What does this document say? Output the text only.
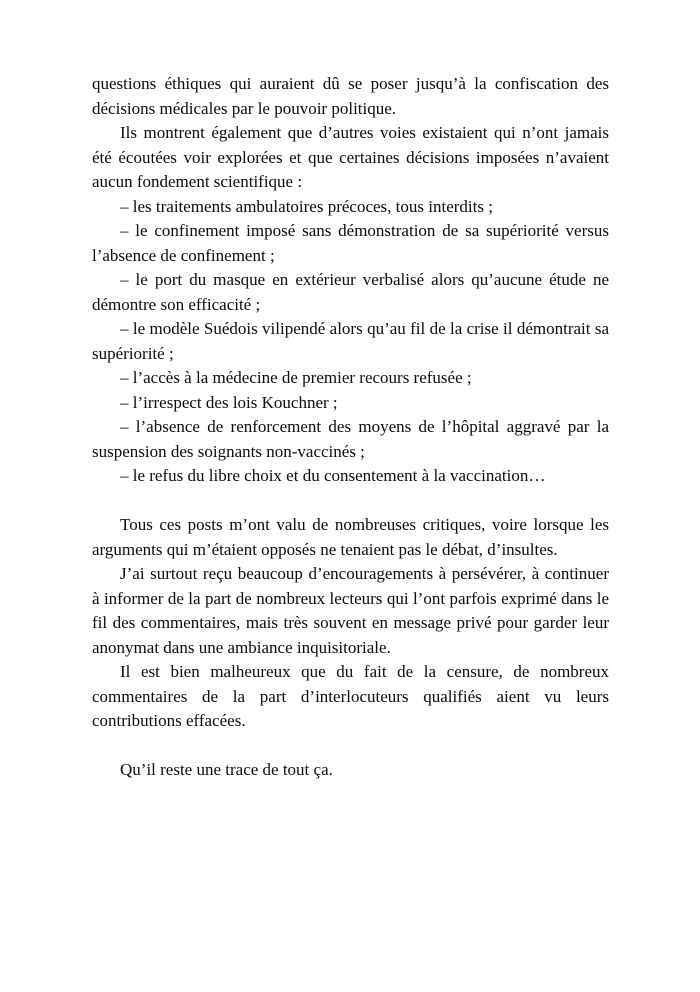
questions éthiques qui auraient dû se poser jusqu’à la confiscation des décisions médicales par le pouvoir politique.

Ils montrent également que d’autres voies existaient qui n’ont jamais été écoutées voir explorées et que certaines décisions imposées n’avaient aucun fondement scientifique :

– les traitements ambulatoires précoces, tous interdits ;

– le confinement imposé sans démonstration de sa supériorité versus l’absence de confinement ;

– le port du masque en extérieur verbalisé alors qu’aucune étude ne démontre son efficacité ;

– le modèle Suédois vilipendé alors qu’au fil de la crise il démontrait sa supériorité ;

– l’accès à la médecine de premier recours refusée ;

– l’irrespect des lois Kouchner ;

– l’absence de renforcement des moyens de l’hôpital aggravé par la suspension des soignants non-vaccinés ;

– le refus du libre choix et du consentement à la vaccination…

Tous ces posts m’ont valu de nombreuses critiques, voire lorsque les arguments qui m’étaient opposés ne tenaient pas le débat, d’insultes.

J’ai surtout reçu beaucoup d’encouragements à persévérer, à continuer à informer de la part de nombreux lecteurs qui l’ont parfois exprimé dans le fil des commentaires, mais très souvent en message privé pour garder leur anonymat dans une ambiance inquisitoriale.

Il est bien malheureux que du fait de la censure, de nombreux commentaires de la part d’interlocuteurs qualifiés aient vu leurs contributions effacées.

Qu’il reste une trace de tout ça.
